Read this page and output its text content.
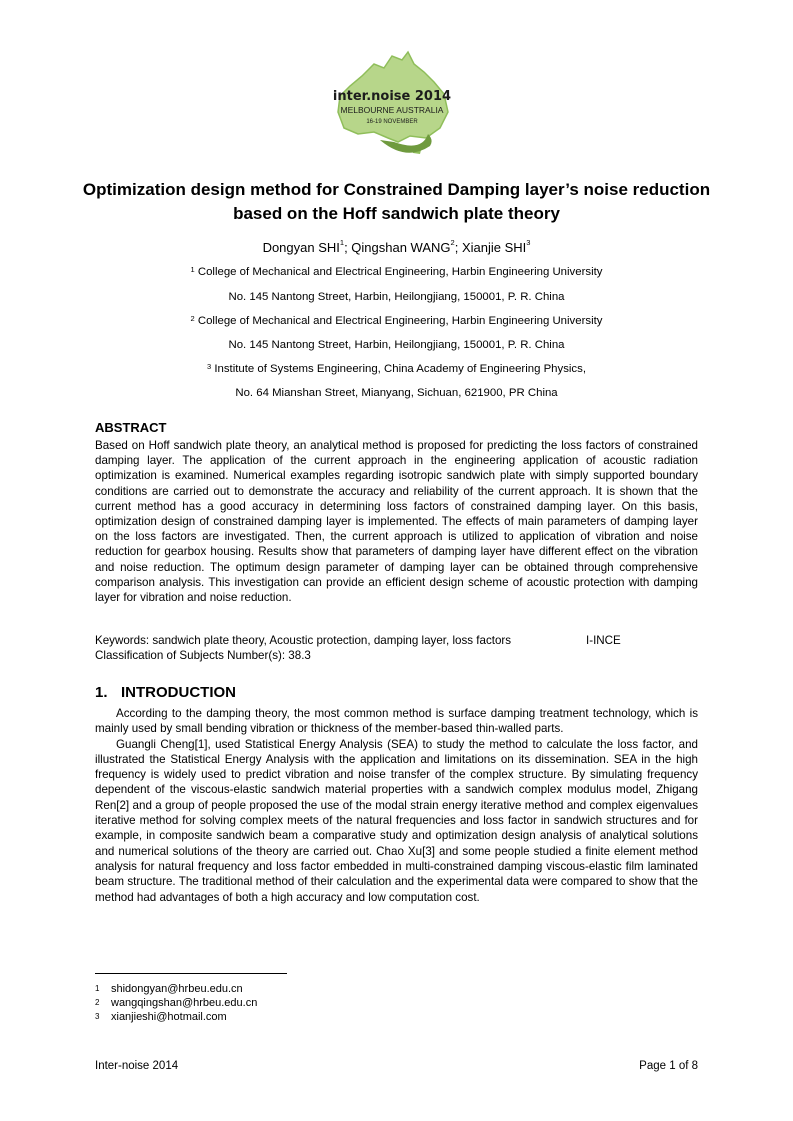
inter.noise 2014
MELBOURNE AUSTRALIA
16-19 NOVEMBER
Optimization design method for Constrained Damping layer’s noise reduction based on the Hoff sandwich plate theory
Dongyan SHI$^1$; Qingshan WANG$^2$; Xianjie SHI$^3$
$^1$ College of Mechanical and Electrical Engineering, Harbin Engineering University
No. 145 Nantong Street, Harbin, Heilongjiang, 150001, P. R. China
$^2$ College of Mechanical and Electrical Engineering, Harbin Engineering University
No. 145 Nantong Street, Harbin, Heilongjiang, 150001, P. R. China
$^3$ Institute of Systems Engineering, China Academy of Engineering Physics,
No. 64 Mianshan Street, Mianyang, Sichuan, 621900, PR China
ABSTRACT

Based on Hoff sandwich plate theory, an analytical method is proposed for predicting the loss factors of constrained damping layer. The application of the current approach in the engineering application of acoustic radiation optimization is examined. Numerical examples regarding isotropic sandwich plate with simply supported boundary conditions are carried out to demonstrate the accuracy and reliability of the current approach. It is shown that the current method has a good accuracy in determining loss factors of constrained damping layer. On this basis, optimization design of constrained damping layer is implemented. The effects of main parameters of damping layer on the loss factors are investigated. Then, the current approach is utilized to application of vibration and noise reduction for gearbox housing. Results show that parameters of damping layer have different effect on the vibration and noise reduction. The optimum design parameter of damping layer can be obtained through comprehensive comparison analysis. This investigation can provide an efficient design scheme of acoustic protection with damping layer for vibration and noise reduction.

Keywords: sandwich plate theory, Acoustic protection, damping layer, loss factors	I-INCE
Classification of Subjects Number(s): 38.3
1. INTRODUCTION

According to the damping theory, the most common method is surface damping treatment technology, which is mainly used by small bending vibration or thickness of the member-based thin-walled parts.

Guangli Cheng[1], used Statistical Energy Analysis (SEA) to study the method to calculate the loss factor, and illustrated the Statistical Energy Analysis with the application and limitations on its dissemination. SEA in the high frequency is widely used to predict vibration and noise transfer of the complex structure. By simulating frequency dependent of the viscous-elastic sandwich material properties with a sandwich complex modulus model, Zhigang Ren[2] and a group of people proposed the use of the modal strain energy iterative method and complex eigenvalues iterative method for solving complex meets of the natural frequencies and loss factor in sandwich structures and for example, in composite sandwich beam a comparative study and optimization design analysis of analytical solutions and numerical solutions of the theory are carried out. Chao Xu[3] and some people studied a finite element method analysis for natural frequency and loss factor embedded in multi-constrained damping viscous-elastic film laminated beam structure. The traditional method of their calculation and the experimental data were compared to show that the method had advantages of both a high accuracy and low computation cost.

1 shidongyan@hrbeu.edu.cn
2 wangqingshan@hrbeu.edu.cn
3 xianjieshi@hotmail.com
Inter-noise 2014	Page 1 of 8
